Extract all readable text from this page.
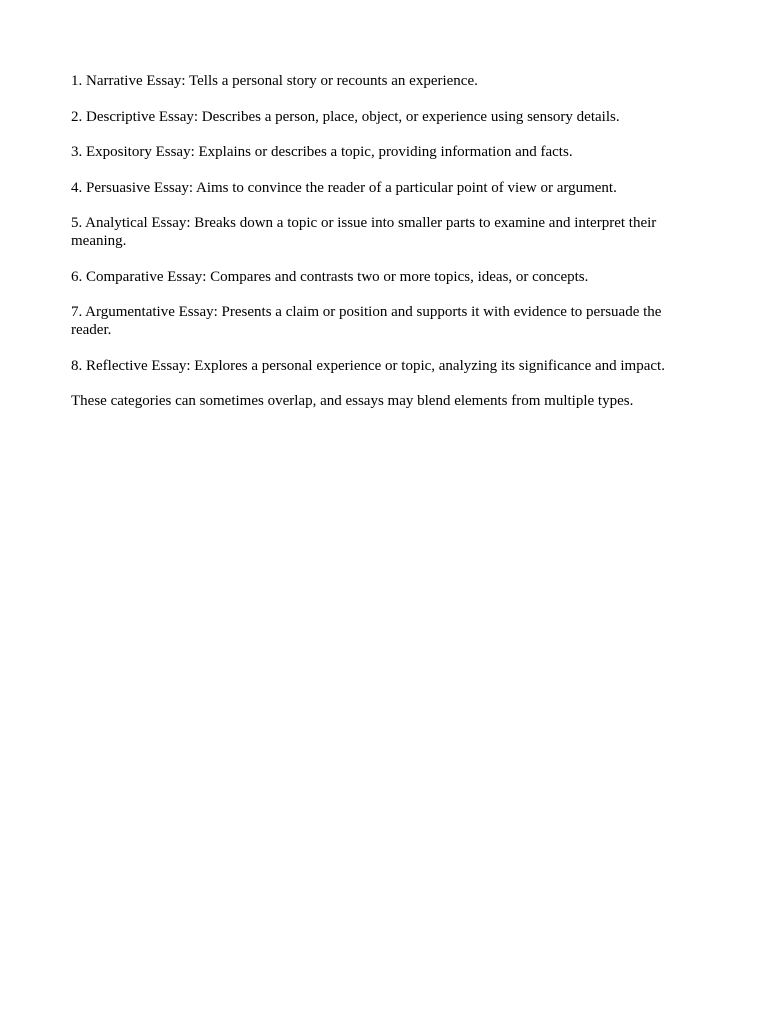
1. Narrative Essay: Tells a personal story or recounts an experience.

2. Descriptive Essay: Describes a person, place, object, or experience using sensory details.

3. Expository Essay: Explains or describes a topic, providing information and facts.

4. Persuasive Essay: Aims to convince the reader of a particular point of view or argument.

5. Analytical Essay: Breaks down a topic or issue into smaller parts to examine and interpret their meaning.

6. Comparative Essay: Compares and contrasts two or more topics, ideas, or concepts.

7. Argumentative Essay: Presents a claim or position and supports it with evidence to persuade the reader.

8. Reflective Essay: Explores a personal experience or topic, analyzing its significance and impact.

These categories can sometimes overlap, and essays may blend elements from multiple types.
